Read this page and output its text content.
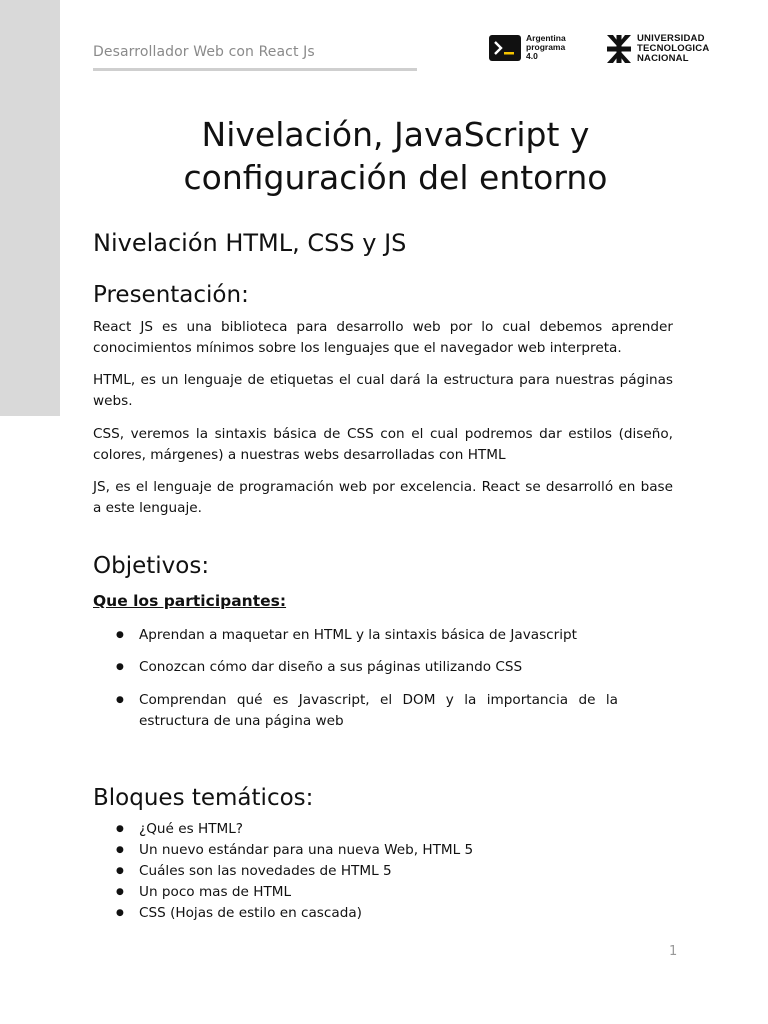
Desarrollador Web con React Js
Argentina
programa
4.0
UNIVERSIDAD
TECNOLOGICA
NACIONAL
Nivelación, JavaScript y
configuración del entorno
Nivelación HTML, CSS y JS
Presentación:

React JS es una biblioteca para desarrollo web por lo cual debemos aprender conocimientos mínimos sobre los lenguajes que el navegador web interpreta.

HTML, es un lenguaje de etiquetas el cual dará la estructura para nuestras páginas webs.

CSS, veremos la sintaxis básica de CSS con el cual podremos dar estilos (diseño, colores, márgenes) a nuestras webs desarrolladas con HTML

JS, es el lenguaje de programación web por excelencia. React se desarrolló en base a este lenguaje.

Objetivos:
Que los participantes:
● Aprendan a maquetar en HTML y la sintaxis básica de Javascript
● Conozcan cómo dar diseño a sus páginas utilizando CSS
● Comprendan qué es Javascript, el DOM y la importancia de la estructura de una página web
Bloques temáticos:
● ¿Qué es HTML?
● Un nuevo estándar para una nueva Web, HTML 5
● Cuáles son las novedades de HTML 5
● Un poco mas de HTML
● CSS (Hojas de estilo en cascada)
1
